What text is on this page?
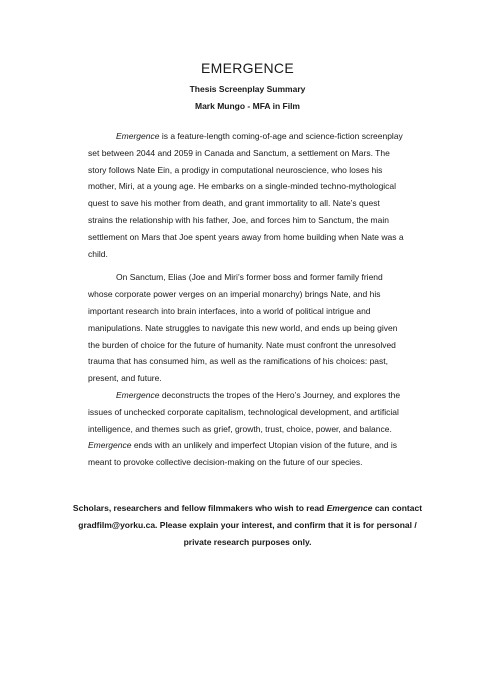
EMERGENCE
Thesis Screenplay Summary
Mark Mungo - MFA in Film

Emergence is a feature-length coming-of-age and science-fiction screenplay set between 2044 and 2059 in Canada and Sanctum, a settlement on Mars. The story follows Nate Ein, a prodigy in computational neuroscience, who loses his mother, Miri, at a young age. He embarks on a single-minded techno-mythological quest to save his mother from death, and grant immortality to all. Nate’s quest strains the relationship with his father, Joe, and forces him to Sanctum, the main settlement on Mars that Joe spent years away from home building when Nate was a child.

On Sanctum, Elias (Joe and Miri’s former boss and former family friend whose corporate power verges on an imperial monarchy) brings Nate, and his important research into brain interfaces, into a world of political intrigue and manipulations. Nate struggles to navigate this new world, and ends up being given the burden of choice for the future of humanity. Nate must confront the unresolved trauma that has consumed him, as well as the ramifications of his choices: past, present, and future.

Emergence deconstructs the tropes of the Hero’s Journey, and explores the issues of unchecked corporate capitalism, technological development, and artificial intelligence, and themes such as grief, growth, trust, choice, power, and balance. Emergence ends with an unlikely and imperfect Utopian vision of the future, and is meant to provoke collective decision-making on the future of our species.

Scholars, researchers and fellow filmmakers who wish to read Emergence can contact gradfilm@yorku.ca. Please explain your interest, and confirm that it is for personal / private research purposes only.
